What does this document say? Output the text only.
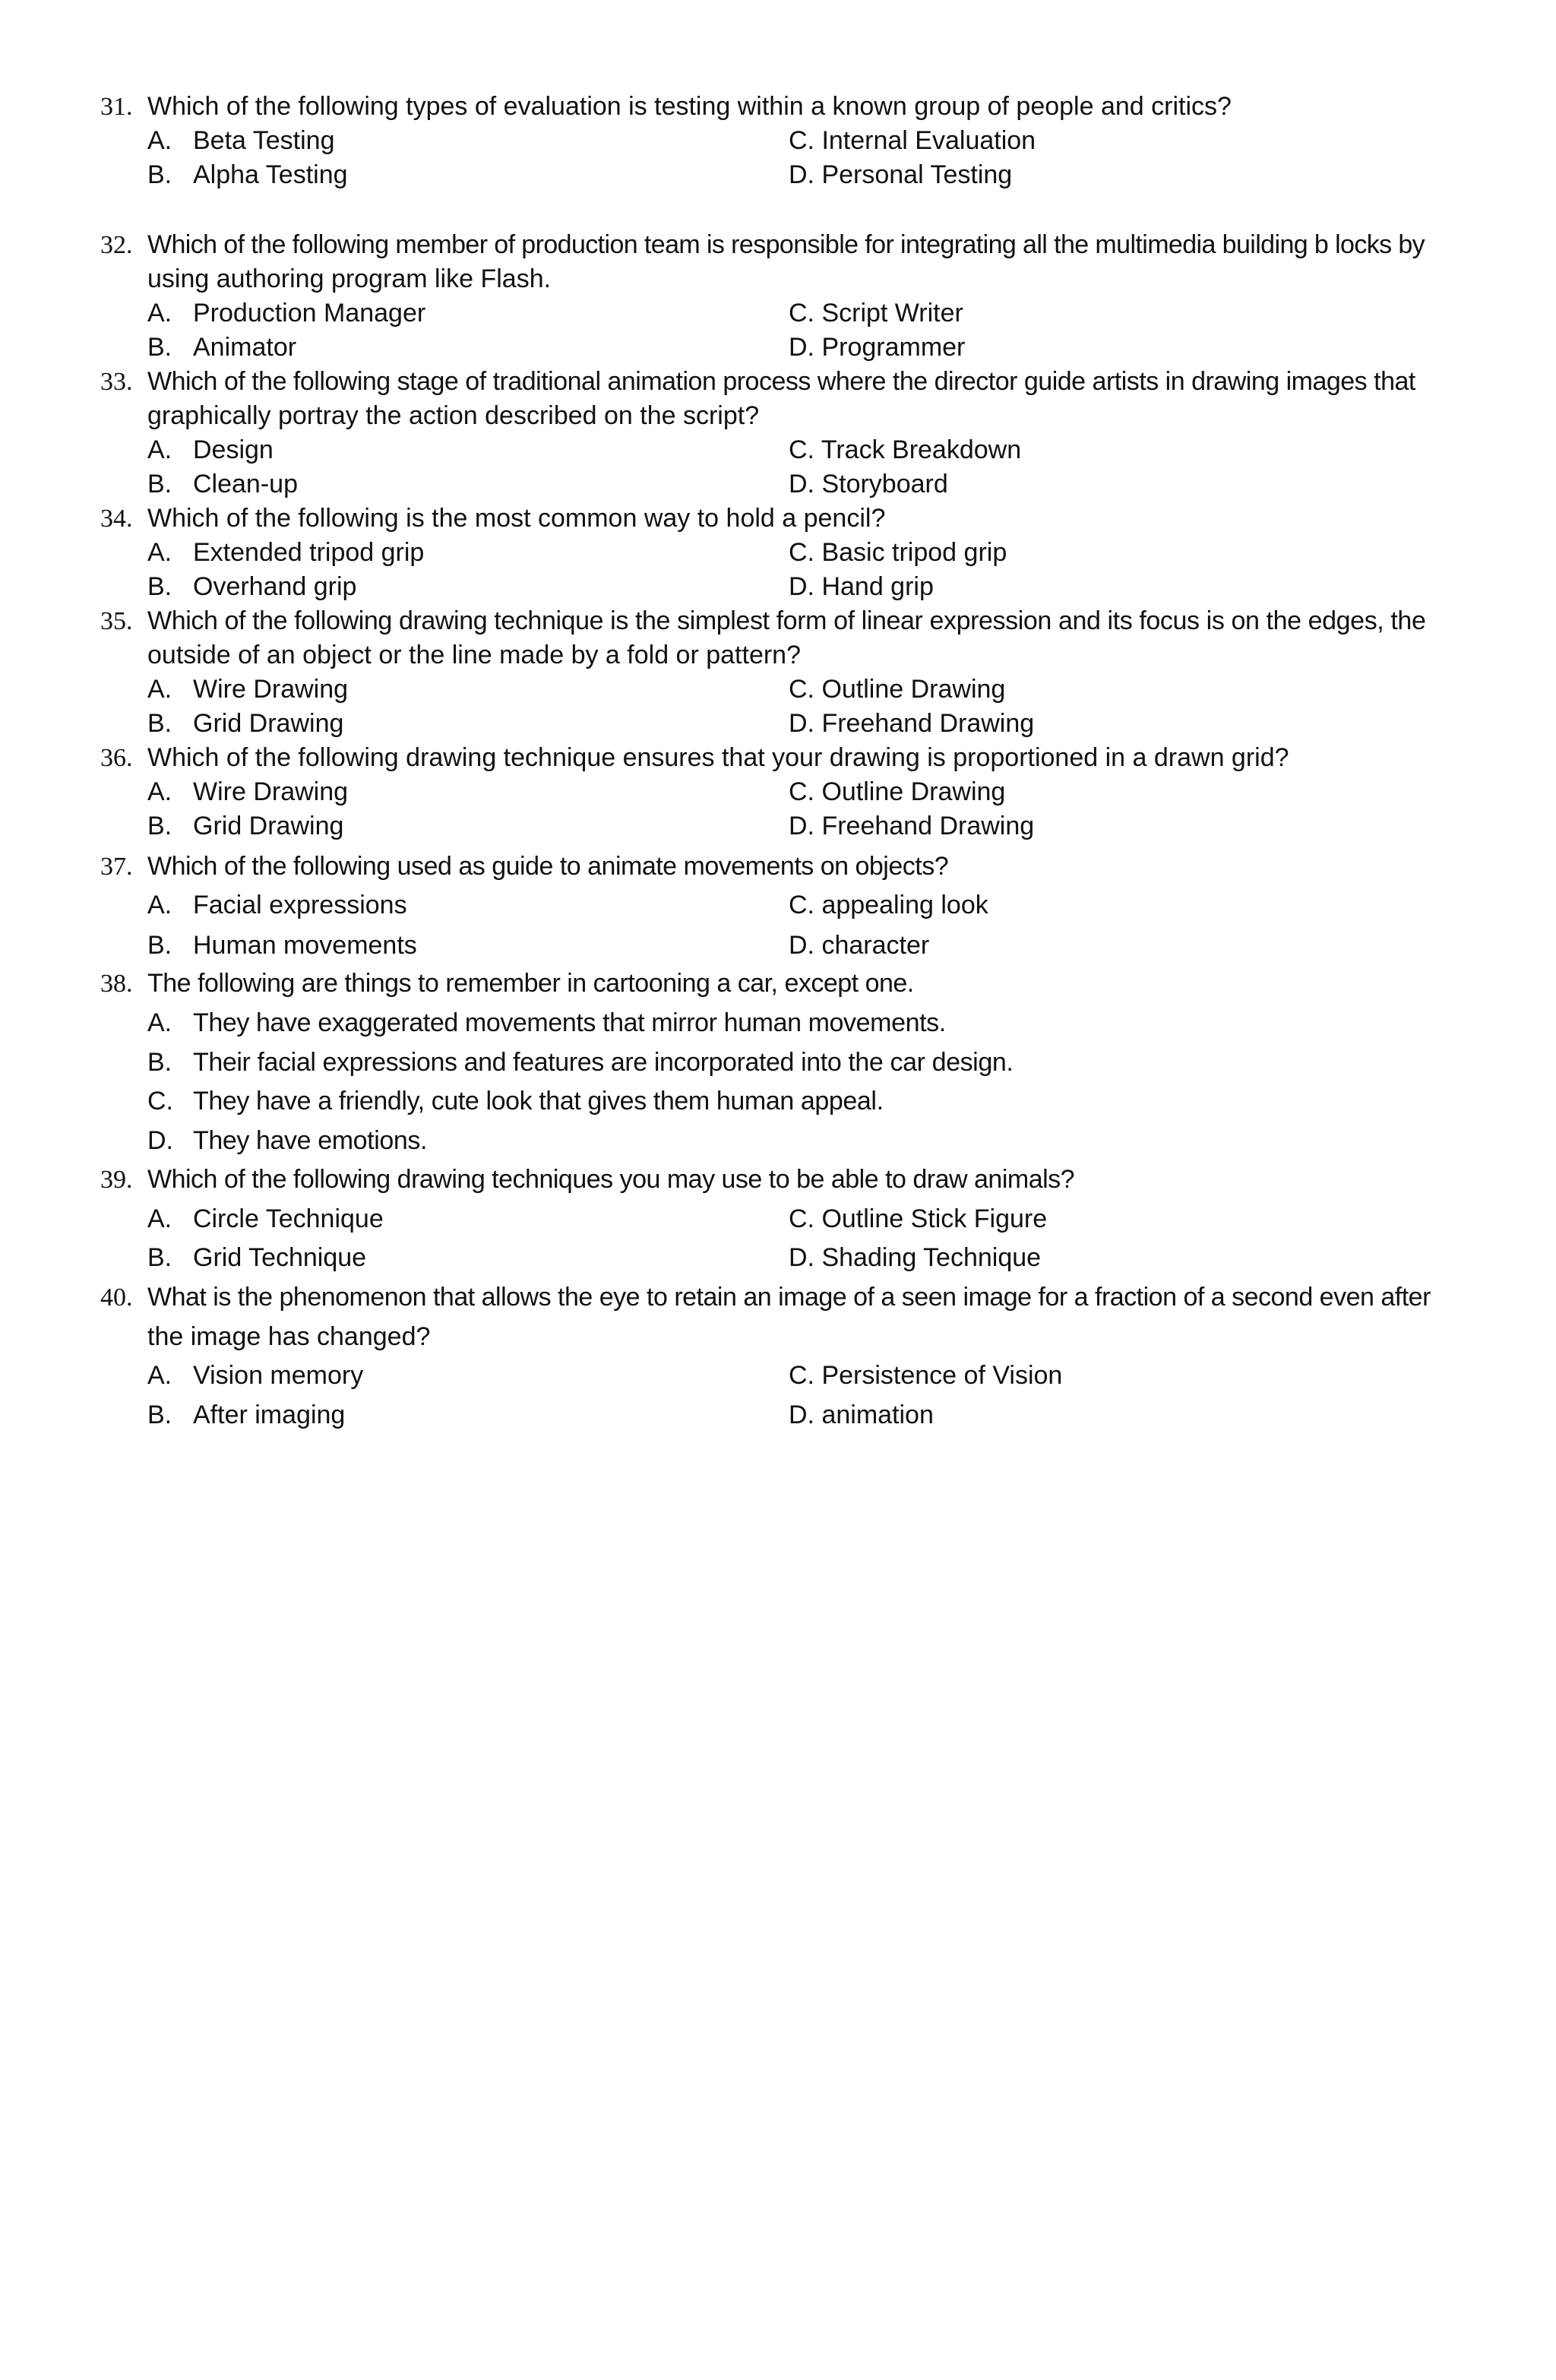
31. Which of the following types of evaluation is testing within a known group of people and critics?
A. Beta Testing	C. Internal Evaluation
B. Alpha Testing	D. Personal Testing
32. Which of the following member of production team is responsible for integrating all the multimedia building b locks by
using authoring program like Flash.
A. Production Manager	C. Script Writer
B. Animator	D. Programmer
33. Which of the following stage of traditional animation process where the director guide artists in drawing images that
graphically portray the action described on the script?
A. Design	C. Track Breakdown
B. Clean-up	D. Storyboard
34. Which of the following is the most common way to hold a pencil?
A. Extended tripod grip	C. Basic tripod grip
B. Overhand grip	D. Hand grip
35. Which of the following drawing technique is the simplest form of linear expression and its focus is on the edges, the
outside of an object or the line made by a fold or pattern?
A. Wire Drawing	C. Outline Drawing
B. Grid Drawing	D. Freehand Drawing
36. Which of the following drawing technique ensures that your drawing is proportioned in a drawn grid?
A. Wire Drawing	C. Outline Drawing
B. Grid Drawing	D. Freehand Drawing
37. Which of the following used as guide to animate movements on objects?
A. Facial expressions	C. appealing look
B. Human movements	D. character
38. The following are things to remember in cartooning a car, except one.
A. They have exaggerated movements that mirror human movements.
B. Their facial expressions and features are incorporated into the car design.
C. They have a friendly, cute look that gives them human appeal.
D. They have emotions.
39. Which of the following drawing techniques you may use to be able to draw animals?
A. Circle Technique	C. Outline Stick Figure
B. Grid Technique	D. Shading Technique
40. What is the phenomenon that allows the eye to retain an image of a seen image for a fraction of a second even after
the image has changed?
A. Vision memory	C. Persistence of Vision
B. After imaging	D. animation
